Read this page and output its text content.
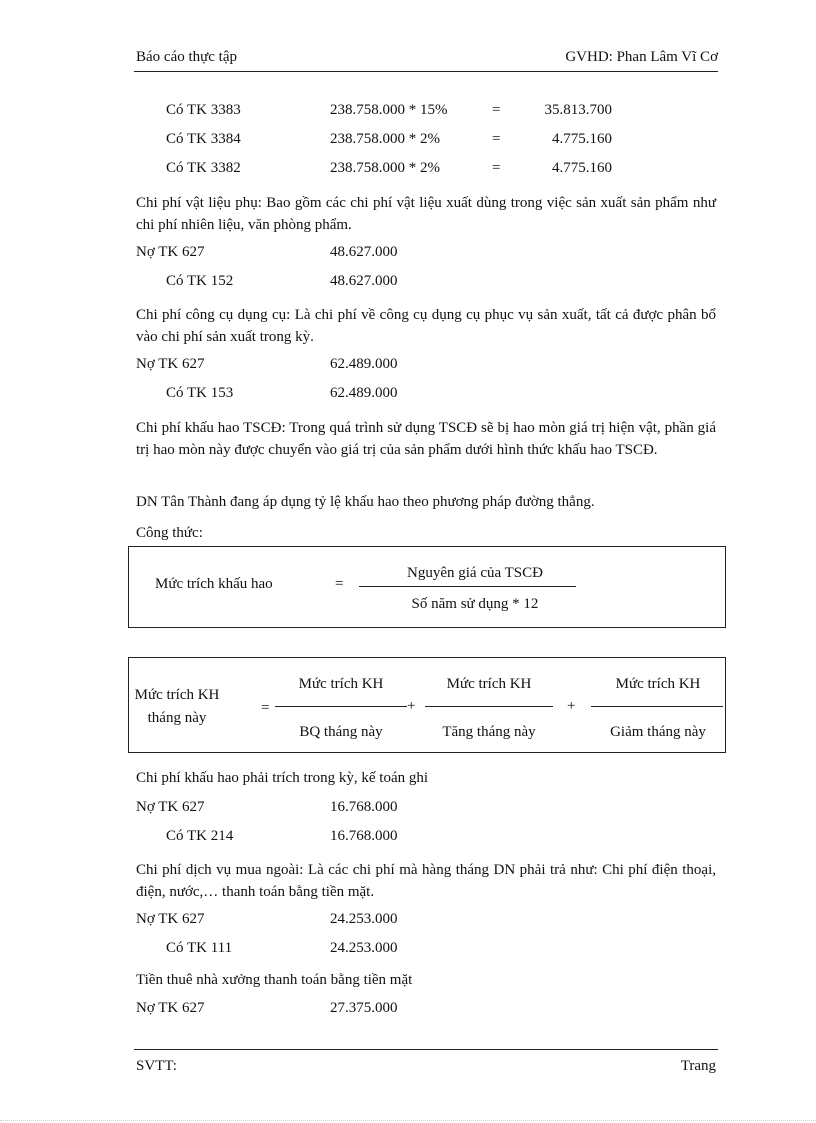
Báo cáo thực tập	GVHD: Phan Lâm Vĩ Cơ
Có TK 3383	238.758.000 * 15%	=	35.813.700
Có TK 3384	238.758.000 * 2%	=	4.775.160
Có TK 3382	238.758.000 * 2%	=	4.775.160
Chi phí vật liệu phụ: Bao gồm các chi phí vật liệu xuất dùng trong việc sản xuất sản phẩm như chi phí nhiên liệu, văn phòng phẩm.
Nợ TK 627	48.627.000
Có TK 152	48.627.000
Chi phí công cụ dụng cụ: Là chi phí về công cụ dụng cụ phục vụ sản xuất, tất cả được phân bổ vào chi phí sản xuất trong kỳ.
Nợ TK 627	62.489.000
Có TK 153	62.489.000
Chi phí khấu hao TSCĐ: Trong quá trình sử dụng TSCĐ sẽ bị hao mòn giá trị hiện vật, phần giá trị hao mòn này được chuyển vào giá trị của sản phẩm dưới hình thức khấu hao TSCĐ.
DN Tân Thành đang áp dụng tỷ lệ khấu hao theo phương pháp đường thẳng.
Công thức:
Mức trích khấu hao	=
Nguyên giá của TSCĐ
Số năm sử dụng * 12
Mức trích KH
tháng này
=
Mức trích KH
BQ tháng này
+
Mức trích KH
Tăng tháng này
+
Mức trích KH
Giảm tháng này
Chi phí khấu hao phải trích trong kỳ, kế toán ghi
Nợ TK 627	16.768.000
Có TK 214	16.768.000
Chi phí dịch vụ mua ngoài: Là các chi phí mà hàng tháng DN phải trả như: Chi phí điện thoại, điện, nước,… thanh toán bằng tiền mặt.
Nợ TK 627	24.253.000
Có TK 111	24.253.000
Tiền thuê nhà xưởng thanh toán bằng tiền mặt
Nợ TK 627	27.375.000
SVTT:	Trang
